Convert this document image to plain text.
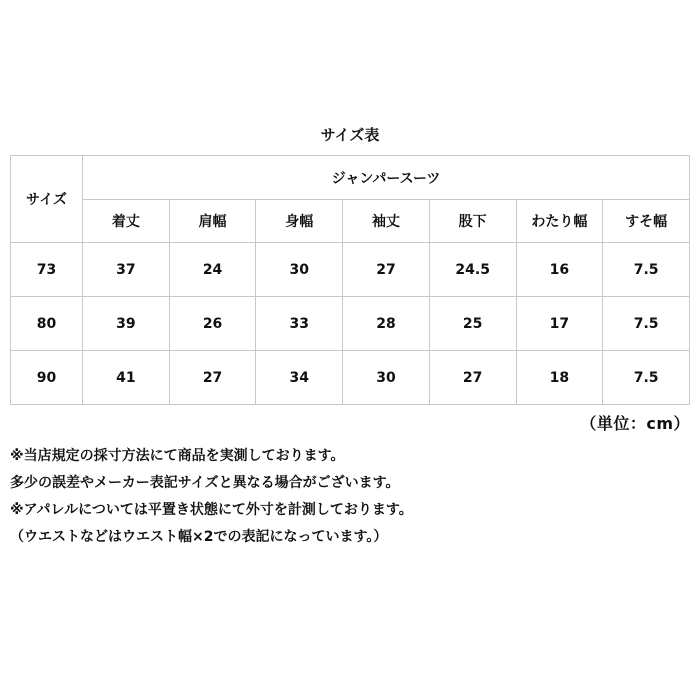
サイズ表
サイズ	ジャンパースーツ						
	着丈	肩幅	身幅	袖丈	股下	わたり幅	すそ幅
73	37	24	30	27	24.5	16	7.5
80	39	26	33	28	25	17	7.5
90	41	27	34	30	27	18	7.5
（単位：cm）
※当店規定の採寸方法にて商品を実測しております。
多少の誤差やメーカー表記サイズと異なる場合がございます。
※アパレルについては平置き状態にて外寸を計測しております。
（ウエストなどはウエスト幅×2での表記になっています。）
